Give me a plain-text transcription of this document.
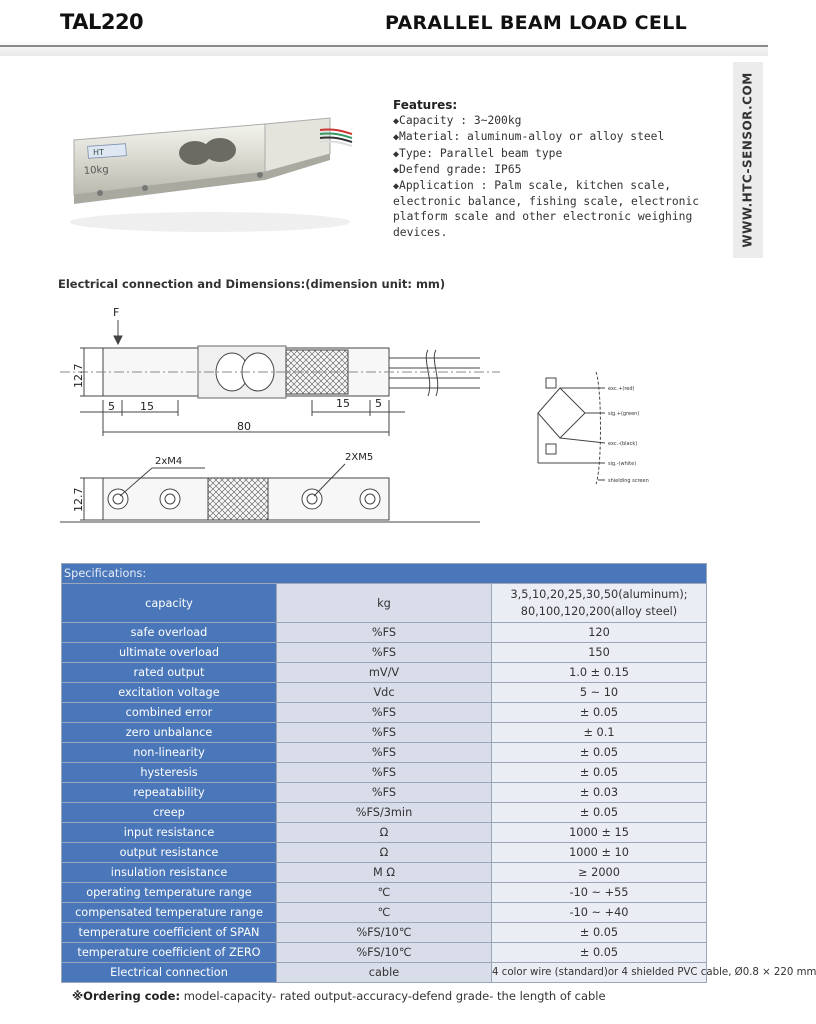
TAL220	PARALLEL BEAM LOAD CELL
WWW.HTC-SENSOR.COM
HT
10kg
Features:
◆ Capacity : 3~200kg
◆ Material: aluminum-alloy or alloy steel
◆ Type: Parallel beam type
◆ Defend grade: IP65
◆ Application : Palm scale, kitchen scale, electronic balance, fishing scale, electronic platform scale and other electronic weighing devices.
Electrical connection and Dimensions:(dimension unit: mm)
F
12.7
5 15	15 5
80
2xM4	2XM5
12.7
exc.+(red)
sig.+(green)
exc.-(black)
sig.-(white)
shielding screen
Specifications:		
capacity	kg	3,5,10,20,25,30,50(aluminum);
80,100,120,200(alloy steel)

safe overload	%FS	120
ultimate overload	%FS	150
rated output	mV/V	1.0 ± 0.15
excitation voltage	Vdc	5 ~ 10
combined error	%FS	± 0.05
zero unbalance	%FS	± 0.1
non-linearity	%FS	± 0.05
hysteresis	%FS	± 0.05
repeatability	%FS	± 0.03
creep	%FS/3min	± 0.05
input resistance	Ω	1000 ± 15
output resistance	Ω	1000 ± 10
insulation resistance	M Ω	≥ 2000
operating temperature range	℃	-10 ~ +55
compensated temperature range	℃	-10 ~ +40
temperature coefficient of SPAN	%FS/10℃	± 0.05
temperature coefficient of ZERO	%FS/10℃	± 0.05
Electrical connection	cable	4 color wire (standard)or 4 shielded PVC cable, Ø0.8 × 220 mm
※Ordering code: model-capacity- rated output-accuracy-defend grade- the length of cable
